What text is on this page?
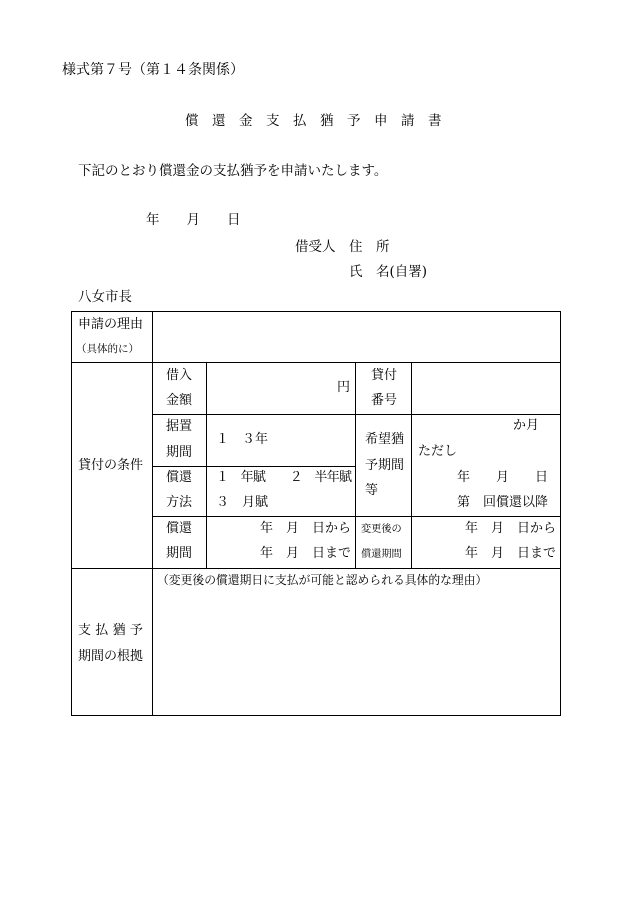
様式第７号（第１４条関係）
償　還　金　支　払　猶　予　申　請　書
下記のとおり償還金の支払猶予を申請いたします。
年　　月　　日
借受人　住　所
氏　名(自署)
八女市長
申請の理由
（具体的に）
貸付の条件
借入
金額
円
貸付
番号
据置
期間
１　３年	希望猶
予期間
等
か月
ただし
年　　月　　日
第　回償還以降
償還
方法
１　年賦　　２　半年賦
３　月賦
償還
期間
年　月　日から
年　月　日まで
変更後の
償還期間
年　月　日から
年　月　日まで
支払猶予
期間の根拠
（変更後の償還期日に支払が可能と認められる具体的な理由）
